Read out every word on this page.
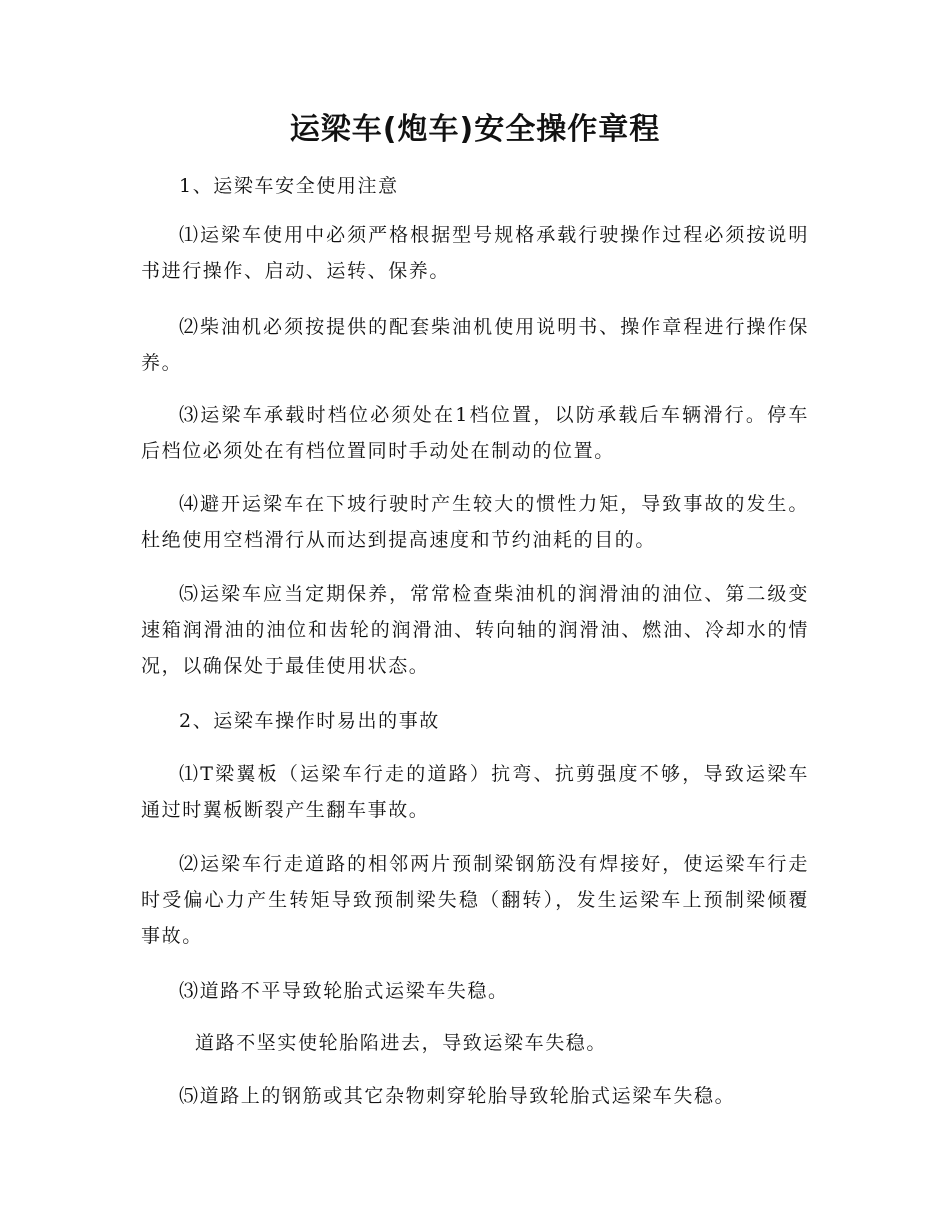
运梁车(炮车)安全操作章程
1、运梁车安全使用注意
⑴运梁车使用中必须严格根据型号规格承载行驶操作过程必须按说明书进行操作、启动、运转、保养。
⑵柴油机必须按提供的配套柴油机使用说明书、操作章程进行操作保养。
⑶运梁车承载时档位必须处在1档位置，以防承载后车辆滑行。停车后档位必须处在有档位置同时手动处在制动的位置。
⑷避开运梁车在下坡行驶时产生较大的惯性力矩，导致事故的发生。杜绝使用空档滑行从而达到提高速度和节约油耗的目的。
⑸运梁车应当定期保养，常常检查柴油机的润滑油的油位、第二级变速箱润滑油的油位和齿轮的润滑油、转向轴的润滑油、燃油、冷却水的情况，以确保处于最佳使用状态。
2、运梁车操作时易出的事故
⑴T梁翼板（运梁车行走的道路）抗弯、抗剪强度不够，导致运梁车通过时翼板断裂产生翻车事故。
⑵运梁车行走道路的相邻两片预制梁钢筋没有焊接好，使运梁车行走时受偏心力产生转矩导致预制梁失稳（翻转），发生运梁车上预制梁倾覆事故。
⑶道路不平导致轮胎式运梁车失稳。
道路不坚实使轮胎陷进去，导致运梁车失稳。
⑸道路上的钢筋或其它杂物刺穿轮胎导致轮胎式运梁车失稳。
